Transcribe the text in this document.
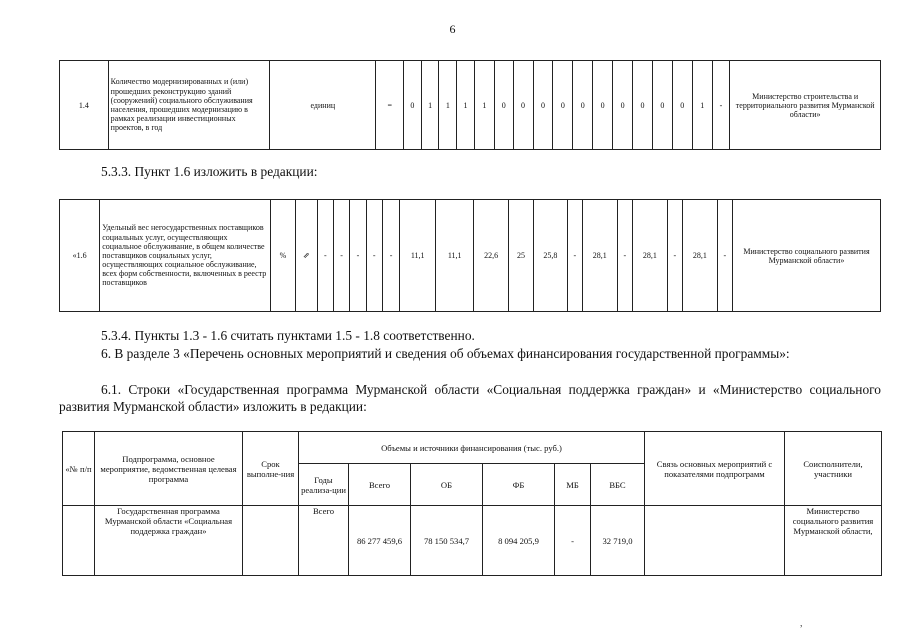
6
1.4	Количество модернизированных и (или) прошедших реконструкцию зданий (сооружений) социального обслуживания населения, прошедших модернизацию в рамках реализации инвестиционных проектов, в год	единиц	=	0	1	1	1	1	0	0	0	0	0	0	0	0	0	0	1	-	Министерство строительства и территориального развития Мурманской области»
5.3.3. Пункт 1.6 изложить в редакции:
«1.6	Удельный вес негосударственных поставщиков социальных услуг, осуществляющих социальное обслуживание, в общем количестве поставщиков социальных услуг, осуществляющих социальное обслуживание, всех форм собственности, включенных в реестр поставщиков	%	⇗	-	-	-	-	-	11,1	11,1	22,6	25	25,8	-	28,1	-	28,1	-	28,1	-	Министерство социального развития Мурманской области»
5.3.4. Пункты 1.3 - 1.6 считать пунктами 1.5 - 1.8 соответственно.
6. В разделе 3 «Перечень основных мероприятий и сведения об объемах финансирования государственной программы»:
6.1. Строки «Государственная программа Мурманской области «Социальная поддержка граждан» и «Министерство социального развития Мурманской области» изложить в редакции:
«№ п/п	Подпрограмма, основное мероприятие, ведомственная целевая программа	Срок выполне-ния	Объемы и источники финансирования (тыс. руб.)						Связь основных мероприятий с показателями подпрограмм	Соисполнители, участники
			Годы реализа-ции	Всего	ОБ	ФБ	МБ	ВБС		
	Государственная программа Мурманской области «Социальная поддержка граждан»		Всего	86 277 459,6	78 150 534,7	8 094 205,9	-	32 719,0		Министерство социального развития Мурманской области,
,
